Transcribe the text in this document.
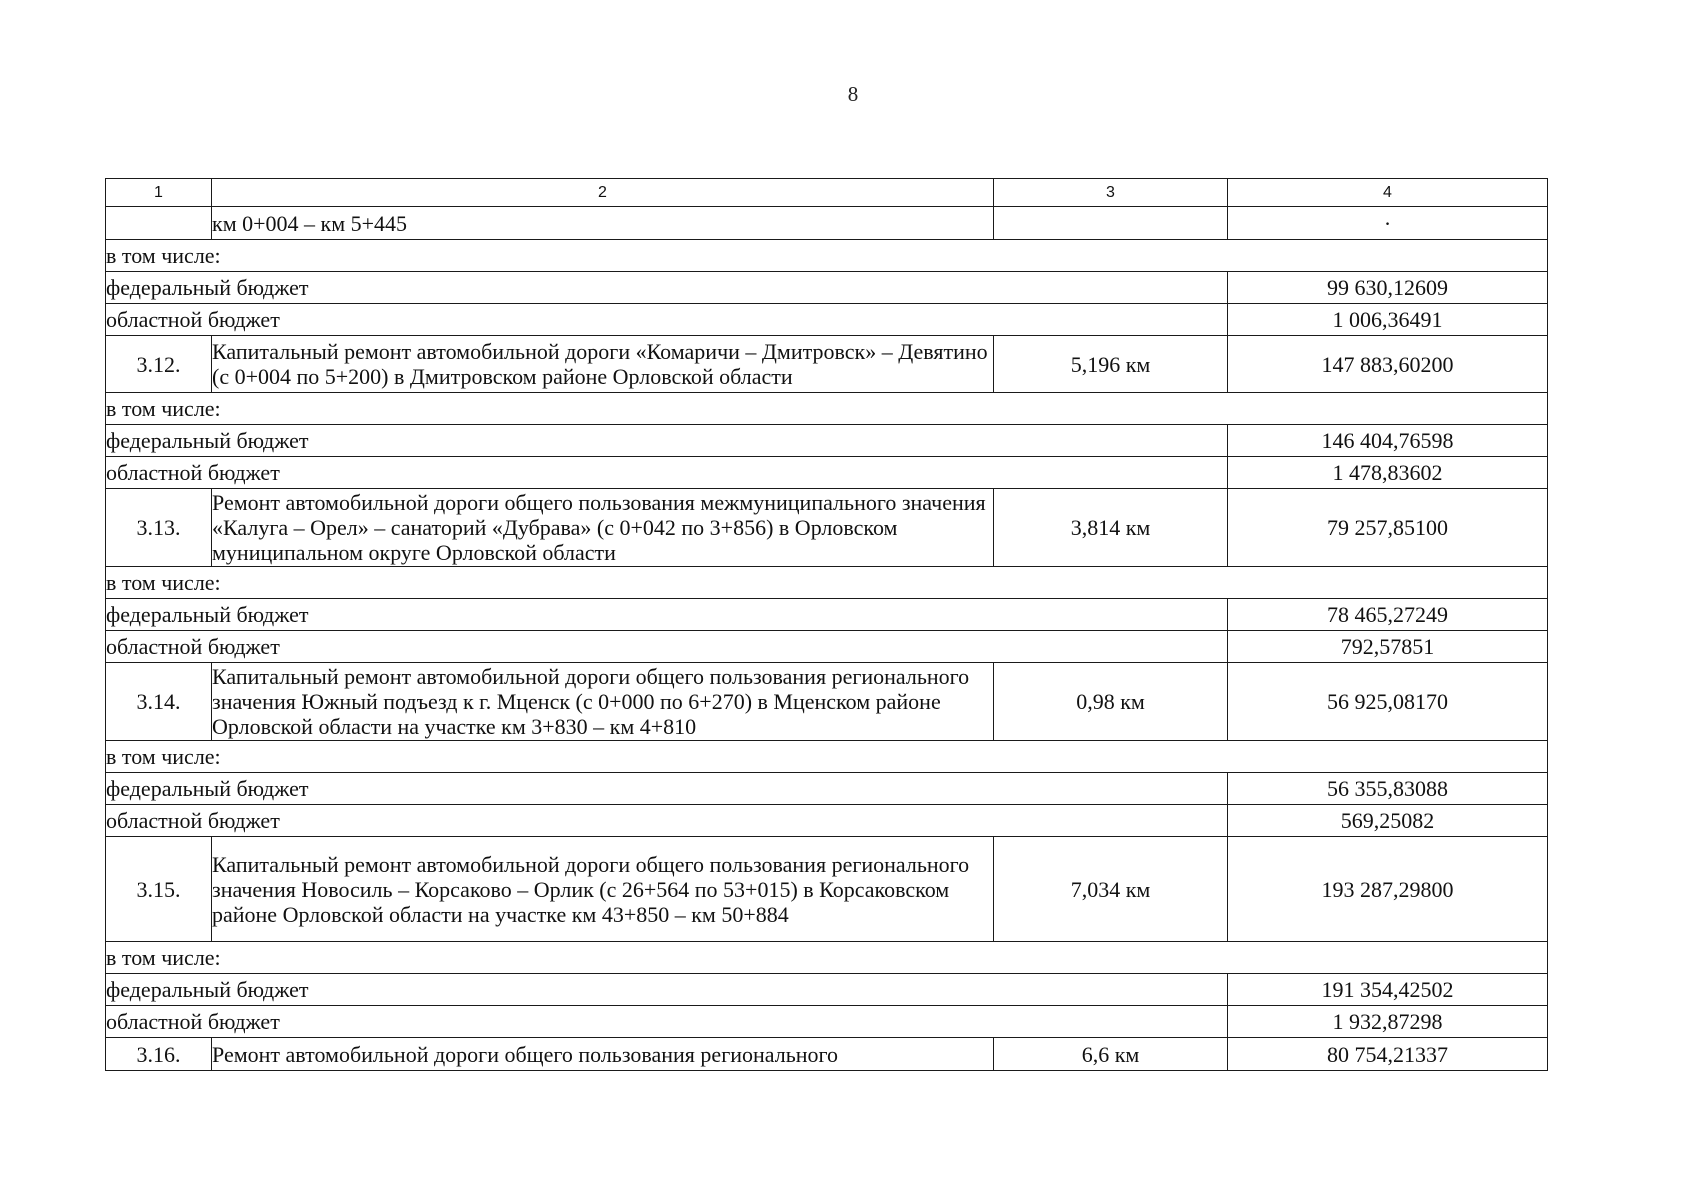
8
1	2	3	4
	км 0+004 – км 5+445		·
в том числе:			
федеральный бюджет			99 630,12609
областной бюджет			1 006,36491
3.12.	Капитальный ремонт автомобильной дороги «Комаричи – Дмитровск» – Девятино (с 0+004 по 5+200) в Дмитровском районе Орловской области	5,196 км	147 883,60200
в том числе:			
федеральный бюджет			146 404,76598
областной бюджет			1 478,83602
3.13.	Ремонт автомобильной дороги общего пользования межмуниципального значения «Калуга – Орел» – санаторий «Дубрава» (с 0+042 по 3+856) в Орловском муниципальном округе Орловской области	3,814 км	79 257,85100
в том числе:			
федеральный бюджет			78 465,27249
областной бюджет			792,57851
3.14.	Капитальный ремонт автомобильной дороги общего пользования регионального значения Южный подъезд к г. Мценск (с 0+000 по 6+270) в Мценском районе Орловской области на участке км 3+830 – км 4+810	0,98 км	56 925,08170
в том числе:			
федеральный бюджет			56 355,83088
областной бюджет			569,25082
3.15.	Капитальный ремонт автомобильной дороги общего пользования регионального значения Новосиль – Корсаково – Орлик (с 26+564 по 53+015) в Корсаковском районе Орловской области на участке км 43+850 – км 50+884	7,034 км	193 287,29800
в том числе:			
федеральный бюджет			191 354,42502
областной бюджет			1 932,87298
3.16.	Ремонт автомобильной дороги общего пользования регионального	6,6 км	80 754,21337
